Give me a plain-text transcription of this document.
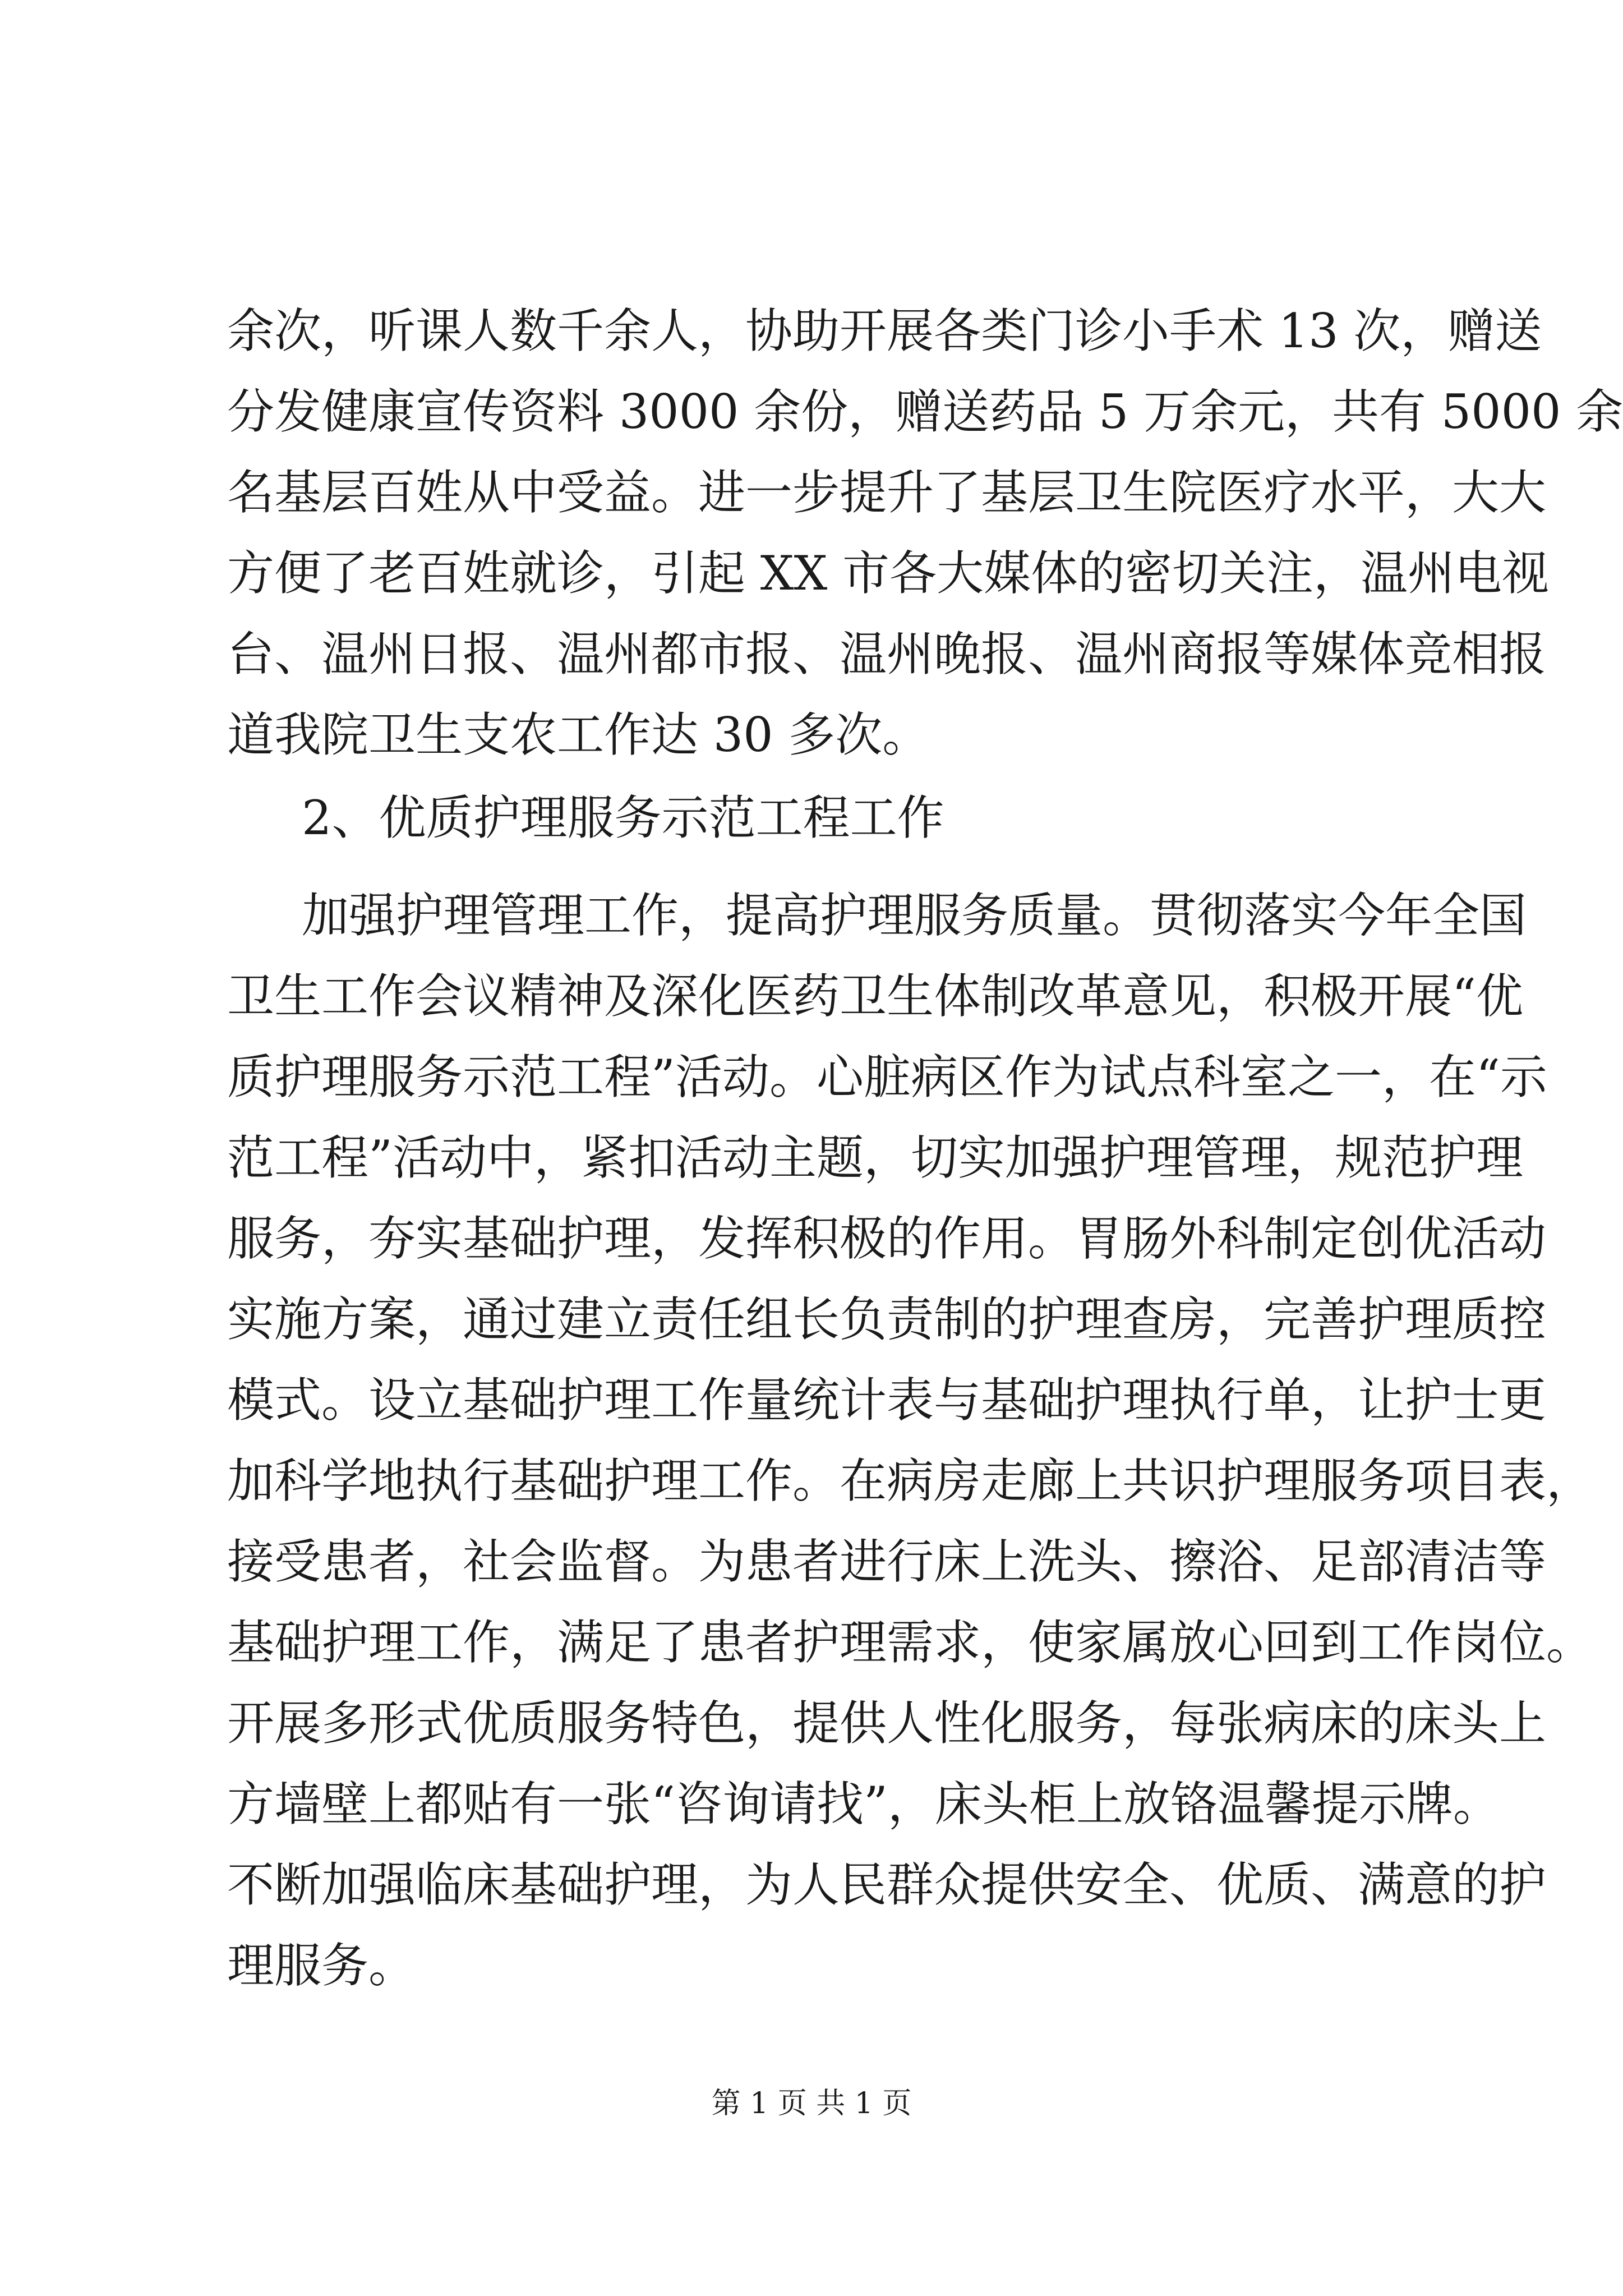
余次，听课人数千余人，协助开展各类门诊小手术 13 次，赠送
分发健康宣传资料 3000 余份，赠送药品 5 万余元，共有 5000 余
名基层百姓从中受益。进一步提升了基层卫生院医疗水平，大大
方便了老百姓就诊，引起 XX 市各大媒体的密切关注，温州电视
台、温州日报、温州都市报、温州晚报、温州商报等媒体竞相报
道我院卫生支农工作达 30 多次。
2、优质护理服务示范工程工作
加强护理管理工作，提高护理服务质量。贯彻落实今年全国
卫生工作会议精神及深化医药卫生体制改革意见，积极开展“优
质护理服务示范工程”活动。心脏病区作为试点科室之一，在“示
范工程”活动中，紧扣活动主题，切实加强护理管理，规范护理
服务，夯实基础护理，发挥积极的作用。胃肠外科制定创优活动
实施方案，通过建立责任组长负责制的护理查房，完善护理质控
模式。设立基础护理工作量统计表与基础护理执行单，让护士更
加科学地执行基础护理工作。在病房走廊上共识护理服务项目表，
接受患者，社会监督。为患者进行床上洗头、擦浴、足部清洁等
基础护理工作，满足了患者护理需求，使家属放心回到工作岗位。
开展多形式优质服务特色，提供人性化服务，每张病床的床头上
方墙壁上都贴有一张“咨询请找”，床头柜上放铬温馨提示牌。
不断加强临床基础护理，为人民群众提供安全、优质、满意的护
理服务。
第 1 页 共 1 页
